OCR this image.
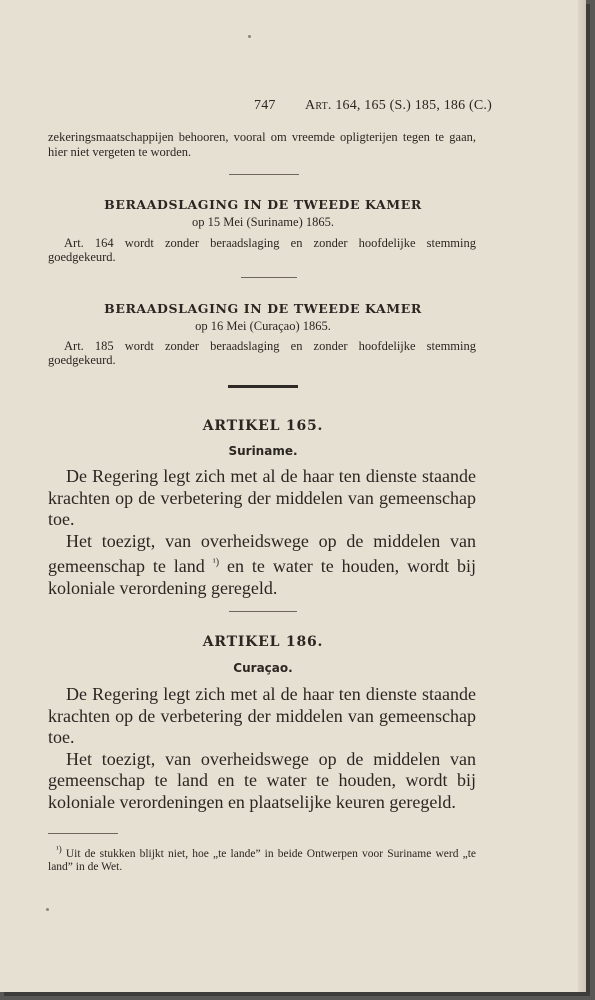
747 Art. 164, 165 (S.) 185, 186 (C.)
zekeringsmaatschappijen behooren, vooral om vreemde opligterijen tegen te gaan, hier niet vergeten te worden.
BERAADSLAGING IN DE TWEEDE KAMER
op 15 Mei (Suriname) 1865.
Art. 164 wordt zonder beraadslaging en zonder hoofdelijke stemming goedgekeurd.
BERAADSLAGING IN DE TWEEDE KAMER
op 16 Mei (Curaçao) 1865.
Art. 185 wordt zonder beraadslaging en zonder hoofdelijke stemming goedgekeurd.
ARTIKEL 165.
Suriname.

De Regering legt zich met al de haar ten dienste staande krachten op de verbetering der middelen van gemeenschap toe.

Het toezigt, van overheidswege op de middelen van gemeenschap te land $^{^1)}$ en te water te houden, wordt bij koloniale verordening geregeld.

ARTIKEL 186.
Curaçao.

De Regering legt zich met al de haar ten dienste staande krachten op de verbetering der middelen van gemeenschap toe.

Het toezigt, van overheidswege op de middelen van gemeenschap te land en te water te houden, wordt bij koloniale verordeningen en plaatselijke keuren geregeld.

$^{^1)}$ Uit de stukken blijkt niet, hoe „te lande” in beide Ontwerpen voor Suriname werd „te land” in de Wet.
